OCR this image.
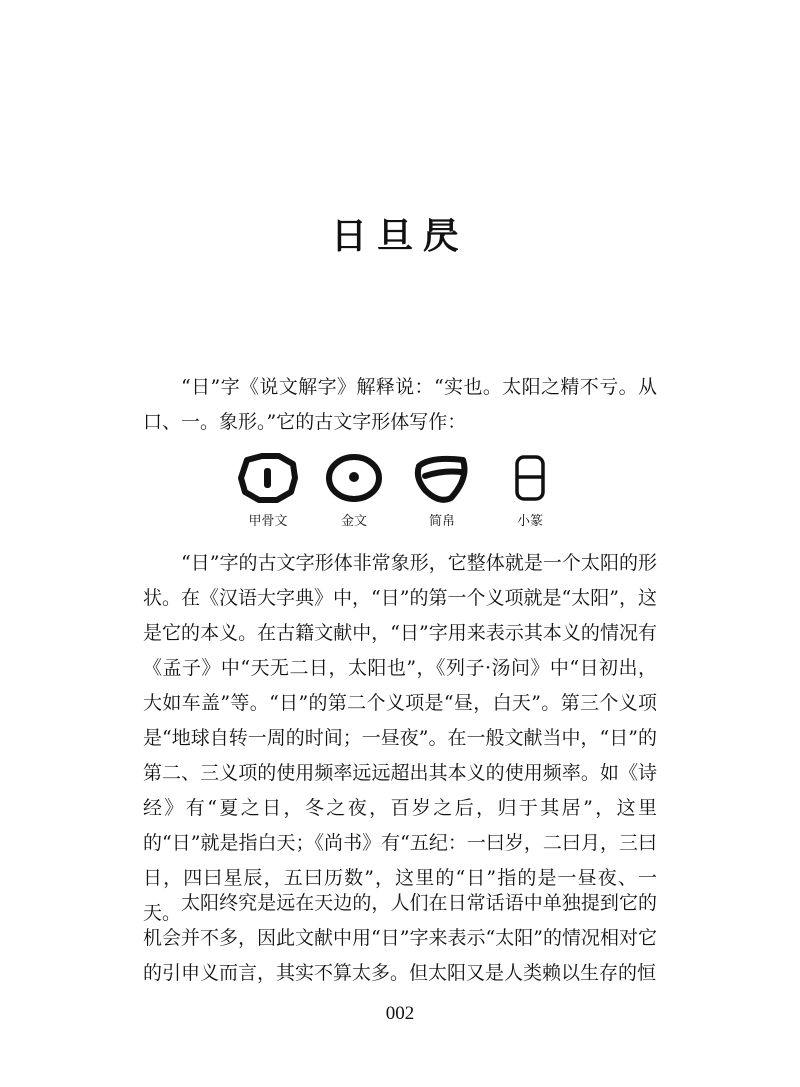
日旦昃

“日”字《说文解字》解释说：“实也。太阳之精不亏。从口、一。象形。”它的古文字形体写作：

甲骨文	金文	简帛	小篆

“日”字的古文字形体非常象形，它整体就是一个太阳的形状。在《汉语大字典》中，“日”的第一个义项就是“太阳”，这是它的本义。在古籍文献中，“日”字用来表示其本义的情况有《孟子》中“天无二日，太阳也”，《列子·汤问》中“日初出，大如车盖”等。“日”的第二个义项是“昼，白天”。第三个义项是“地球自转一周的时间；一昼夜”。在一般文献当中，“日”的第二、三义项的使用频率远远超出其本义的使用频率。如《诗经》有“夏之日，冬之夜，百岁之后，归于其居”，这里的“日”就是指白天；《尚书》有“五纪：一曰岁，二曰月，三曰日，四曰星辰，五曰历数”，这里的“日”指的是一昼夜、一天。 太阳终究是远在天边的，人们在日常话语中单独提到它的机会并不多，因此文献中用“日”字来表示“太阳”的情况相对它的引申义而言，其实不算太多。但太阳又是人类赖以生存的恒

002
